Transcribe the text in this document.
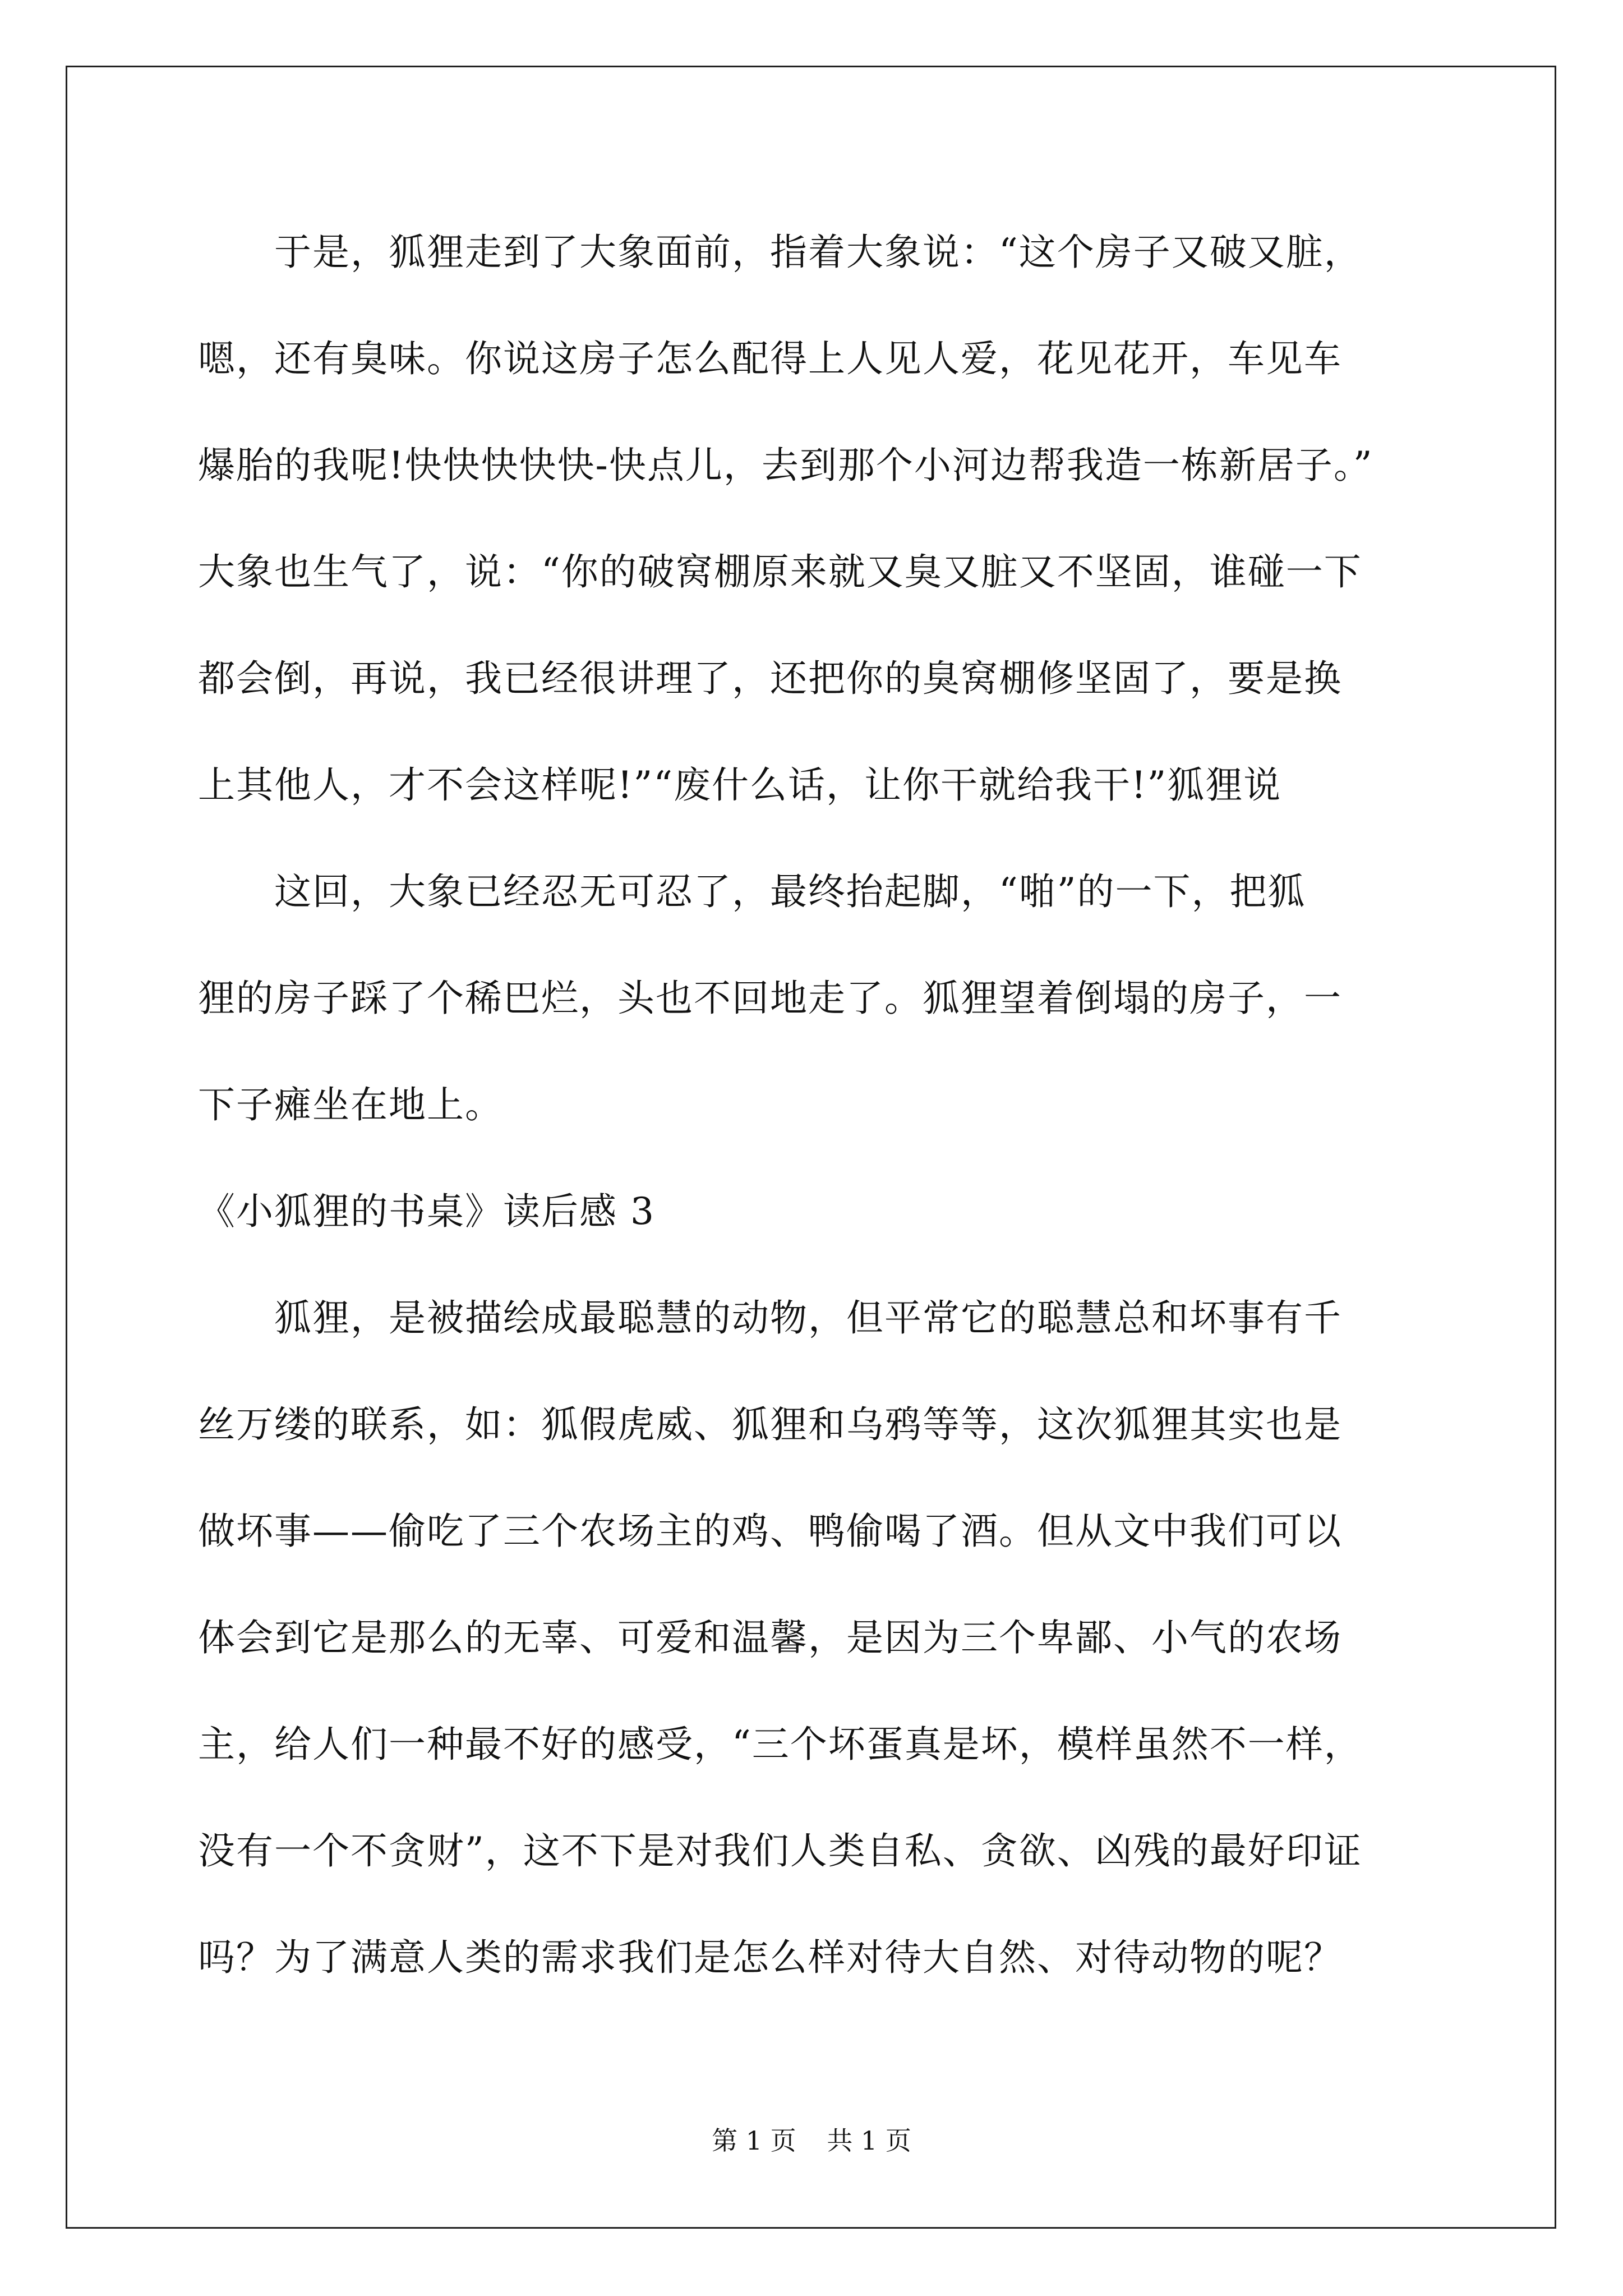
于是，狐狸走到了大象面前，指着大象说：“这个房子又破又脏，
嗯，还有臭味。你说这房子怎么配得上人见人爱，花见花开，车见车
爆胎的我呢!快快快快快-快点儿，去到那个小河边帮我造一栋新居子。”
大象也生气了，说：“你的破窝棚原来就又臭又脏又不坚固，谁碰一下
都会倒，再说，我已经很讲理了，还把你的臭窝棚修坚固了，要是换
上其他人，才不会这样呢!”“废什么话，让你干就给我干!”狐狸说
这回，大象已经忍无可忍了，最终抬起脚，“啪”的一下，把狐
狸的房子踩了个稀巴烂，头也不回地走了。狐狸望着倒塌的房子，一
下子瘫坐在地上。
《小狐狸的书桌》读后感 3
狐狸，是被描绘成最聪慧的动物，但平常它的聪慧总和坏事有千
丝万缕的联系，如：狐假虎威、狐狸和乌鸦等等，这次狐狸其实也是
做坏事——偷吃了三个农场主的鸡、鸭偷喝了酒。但从文中我们可以
体会到它是那么的无辜、可爱和温馨，是因为三个卑鄙、小气的农场
主，给人们一种最不好的感受，“三个坏蛋真是坏，模样虽然不一样，
没有一个不贪财”，这不下是对我们人类自私、贪欲、凶残的最好印证
吗？为了满意人类的需求我们是怎么样对待大自然、对待动物的呢？
第 1 页 共 1 页
